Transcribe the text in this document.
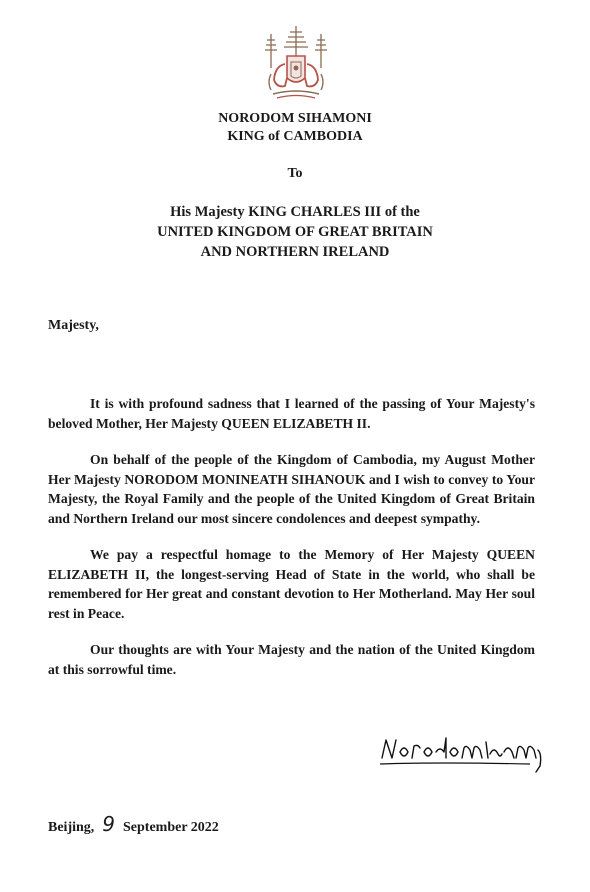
NORODOM SIHAMONI
KING of CAMBODIA
To
His Majesty KING CHARLES III of the
UNITED KINGDOM OF GREAT BRITAIN
AND NORTHERN IRELAND
Majesty,

It is with profound sadness that I learned of the passing of Your Majesty's beloved Mother, Her Majesty QUEEN ELIZABETH II.

On behalf of the people of the Kingdom of Cambodia, my August Mother Her Majesty NORODOM MONINEATH SIHANOUK and I wish to convey to Your Majesty, the Royal Family and the people of the United Kingdom of Great Britain and Northern Ireland our most sincere condolences and deepest sympathy.

We pay a respectful homage to the Memory of Her Majesty QUEEN ELIZABETH II, the longest-serving Head of State in the world, who shall be remembered for Her great and constant devotion to Her Motherland. May Her soul rest in Peace.

Our thoughts are with Your Majesty and the nation of the United Kingdom at this sorrowful time.

Beijing, 9 September 2022
